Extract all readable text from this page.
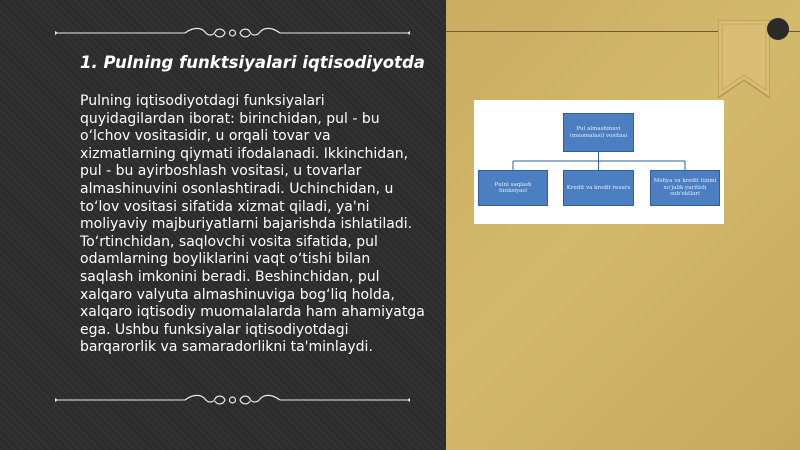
1. Pulning funktsiyalari iqtisodiyotda

Pulning iqtisodiyotdagi funksiyalari quyidagilardan iborat: birinchidan, pul - bu o‘lchov vositasidir, u orqali tovar va xizmatlarning qiymati ifodalanadi. Ikkinchidan, pul - bu ayirboshlash vositasi, u tovarlar almashinuvini osonlashtiradi. Uchinchidan, u to‘lov vositasi sifatida xizmat qiladi, ya'ni moliyaviy majburiyatlarni bajarishda ishlatiladi. To‘rtinchidan, saqlovchi vosita sifatida, pul odamlarning boyliklarini vaqt o‘tishi bilan saqlash imkonini beradi. Beshinchidan, pul xalqaro valyuta almashinuviga bog‘liq holda, xalqaro iqtisodiy muomalalarda ham ahamiyatga ega. Ushbu funksiyalar iqtisodiyotdagi barqarorlik va samaradorlikni ta'minlaydi.

Pul almashinuvi (muomalasi) vositasi
Pulni saqlash funksiyasi
Kredit va kredit resurs
Moliya va kredit tizimi xo'jalik yuritish sub'ektlari
